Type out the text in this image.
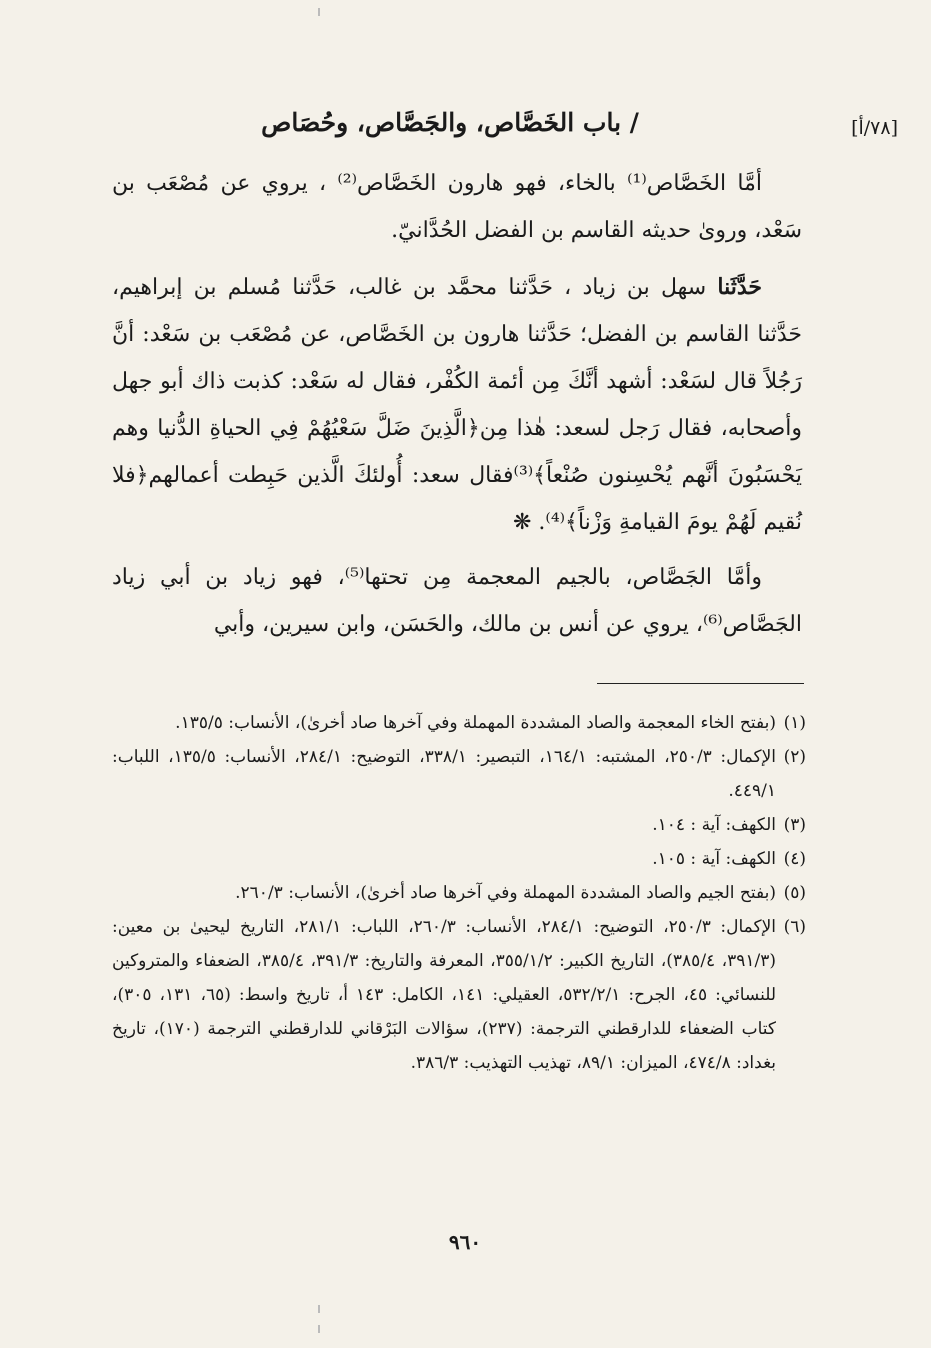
[٧٨/أ]
/ باب الخَصَّاص، والجَصَّاص، وحُصَاص
أمَّا الخَصَّاص⁽¹⁾ بالخاء، فهو هارون الخَصَّاص⁽²⁾ ، يروي عن مُصْعَب بن سَعْد، وروىٰ حديثه القاسم بن الفضل الحُدَّانيّ.
حَدَّثَنا سهل بن زياد ، حَدَّثنا محمَّد بن غالب، حَدَّثنا مُسلم بن إبراهيم، حَدَّثنا القاسم بن الفضل؛ حَدَّثنا هارون بن الخَصَّاص، عن مُصْعَب بن سَعْد: أنَّ رَجُلاً قال لسَعْد: أشهد أنَّكَ مِن أئمة الكُفْر، فقال له سَعْد: كذبت ذاك أبو جهل وأصحابه، فقال رَجل لسعد: هٰذا مِن﴿الَّذِينَ ضَلَّ سَعْيُهُمْ فِي الحياةِ الدُّنيا وهم يَحْسَبُونَ أنَّهم يُحْسِنون صُنْعاً﴾⁽³⁾فقال سعد: أُولئكَ الَّذين حَبِطت أعمالهم﴿فلا نُقيم لَهُمْ يومَ القيامةِ وَزْناً﴾⁽⁴⁾. ❋
وأمَّا الجَصَّاص، بالجيم المعجمة مِن تحتها⁽⁵⁾، فهو زياد بن أبي زياد الجَصَّاص⁽⁶⁾، يروي عن أنس بن مالك، والحَسَن، وابن سيرين، وأبي
(١)
(بفتح الخاء المعجمة والصاد المشددة المهملة وفي آخرها صاد أخرىٰ)، الأنساب: ١٣٥/٥.
(٢)
الإكمال: ٢٥٠/٣، المشتبه: ١٦٤/١، التبصير: ٣٣٨/١، التوضيح: ٢٨٤/١، الأنساب: ١٣٥/٥، اللباب: ٤٤٩/١.
(٣)
الكهف: آية : ١٠٤.
(٤)
الكهف: آية : ١٠٥.
(٥)
(بفتح الجيم والصاد المشددة المهملة وفي آخرها صاد أخرىٰ)، الأنساب: ٢٦٠/٣.
(٦)
الإكمال: ٢٥٠/٣، التوضيح: ٢٨٤/١، الأنساب: ٢٦٠/٣، اللباب: ٢٨١/١، التاريخ ليحيىٰ بن معين: (٣٩١/٣، ٣٨٥/٤)، التاريخ الكبير: ٣٥٥/١/٢، المعرفة والتاريخ: ٣٩١/٣، ٣٨٥/٤، الضعفاء والمتروكين للنسائي: ٤٥، الجرح: ٥٣٢/٢/١، العقيلي: ١٤١، الكامل: ١٤٣ أ، تاريخ واسط: (٦٥، ١٣١، ٣٠٥)، كتاب الضعفاء للدارقطني الترجمة: (٢٣٧)، سؤالات البَرْقاني للدارقطني الترجمة (١٧٠)، تاريخ بغداد: ٤٧٤/٨، الميزان: ٨٩/١، تهذيب التهذيب: ٣٨٦/٣.
٩٦٠
